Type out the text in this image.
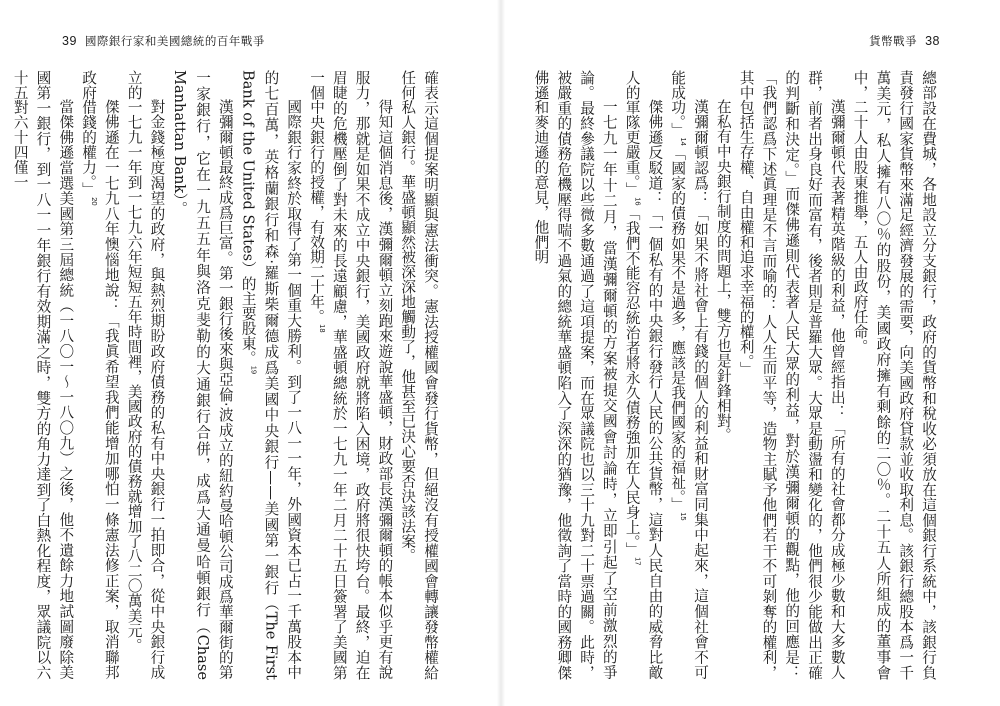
39 國際銀行家和美國總統的百年戰爭	貨幣戰爭 38
確表示這個提案明顯與憲法衝突。憲法授權國會發行貨幣，但絕沒有授權國會轉讓發幣權給任何私人銀行。華盛頓顯然被深深地觸動了，他甚至已決心要否決該法案。
得知這個消息後，漢彌爾頓立刻跑來遊說華盛頓，財政部長漢彌爾頓的帳本似乎更有說服力，那就是如果不成立中央銀行，美國政府就將陷入困境，政府將很快垮台。最終，迫在眉睫的危機壓倒了對未來的長遠顧慮，華盛頓總統於一七九一年二月二十五日簽署了美國第一個中央銀行的授權，有效期二十年。$^{18}$
國際銀行家終於取得了第一個重大勝利。到了一八一一年，外國資本已占一千萬股本中的七百萬，英格蘭銀行和森‧羅斯柴爾德成爲美國中央銀行——美國第一銀行（The First Bank of the United States）的主要股東。$^{19}$
漢彌爾頓最終成爲巨富。第一銀行後來與亞倫‧波成立的紐約曼哈頓公司成爲華爾街的第一家銀行，它在一九五五年與洛克斐勒的大通銀行合併，成爲大通曼哈頓銀行（Chase Manhattan Bank）。
對金錢極度渴望的政府，與熱烈期盼政府債務的私有中央銀行一拍即合，從中央銀行成立的一七九一年到一七九六年短短五年時間裡，美國政府的債務就增加了八二〇萬美元。
傑佛遜在一七九八年懊惱地說：「我眞希望我們能增加哪怕一條憲法修正案，取消聯邦政府借錢的權力。」$^{20}$
當傑佛遜當選美國第三屆總統（一八〇一～一八〇九）之後，他不遺餘力地試圖廢除美國第一銀行，到一八一一年銀行有效期滿之時，雙方的角力達到了白熱化程度，眾議院以六十五對六十四僅一	總部設在費城，各地設立分支銀行，政府的貨幣和稅收必須放在這個銀行系統中，該銀行負責發行國家貨幣來滿足經濟發展的需要，向美國政府貸款並收取利息。該銀行總股本爲一千萬美元，私人擁有八〇％的股份，美國政府擁有剩餘的二〇％。二十五人所組成的董事會中，二十人由股東推舉，五人由政府任命。
漢彌爾頓代表著精英階級的利益，他曾經指出：「所有的社會都分成極少數和大多數人群，前者出身良好而富有，後者則是普羅大眾。大眾是動盪和變化的，他們很少能做出正確的判斷和決定。」而傑佛遜則代表著人民大眾的利益，對於漢彌爾頓的觀點，他的回應是：「我們認爲下述眞理是不言而喻的：人人生而平等，造物主賦予他們若干不可剝奪的權利，其中包括生存權、自由權和追求幸福的權利。」
在私有中央銀行制度的問題上，雙方也是針鋒相對。
漢彌爾頓認爲：「如果不將社會上有錢的個人的利益和財富同集中起來，這個社會不可能成功。」$^{14}$「國家的債務如果不是過多，應該是我們國家的福祉。」$^{15}$
傑佛遜反駁道：「一個私有的中央銀行發行人民的公共貨幣，這對人民自由的威脅比敵人的軍隊更嚴重。」$^{16}$「我們不能容忍統治者將永久債務強加在人民身上。」$^{17}$
一七九一年十二月，當漢彌爾頓的方案被提交國會討論時，立即引起了空前激烈的爭論。最終參議院以些微多數通過了這項提案，而在眾議院也以三十九對二十票過關。此時，被嚴重的債務危機壓得喘不過氣的總統華盛頓陷入了深深的猶豫，他徵詢了當時的國務卿傑佛遜和麥迪遜的意見，他們明
